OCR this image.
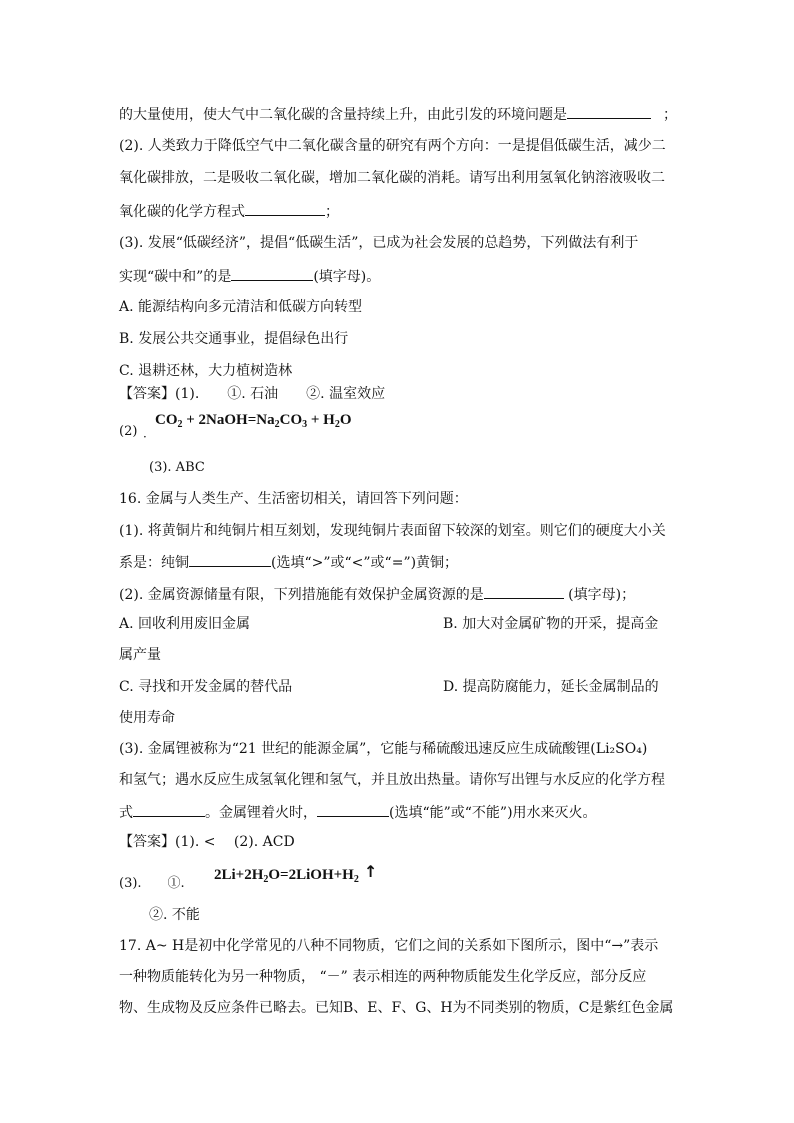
的大量使用，使大气中二氧化碳的含量持续上升，由此引发的环境问题是	；
(2). 人类致力于降低空气中二氧化碳含量的研究有两个方向：一是提倡低碳生活，减少二
氧化碳排放，二是吸收二氧化碳，增加二氧化碳的消耗。请写出利用氢氧化钠溶液吸收二
氧化碳的化学方程式	；
(3). 发展“低碳经济”，提倡“低碳生活”，已成为社会发展的总趋势，下列做法有利于
实现“碳中和”的是	(填字母)。
A. 能源结构向多元清洁和低碳方向转型
B. 发展公共交通事业，提倡绿色出行
C. 退耕还林，大力植树造林
【答案】(1).　　①. 石油　　②. 温室效应
(2) ·
$CO_2$ + $2NaOH=Na_2CO_3 + H_2O$
(3). ABC
16. 金属与人类生产、生活密切相关，请回答下列问题：
(1). 将黄铜片和纯铜片相互刻划，发现纯铜片表面留下较深的划室。则它们的硬度大小关
系是：纯铜	(选填“>”或“<”或“=”)黄铜；
(2). 金属资源储量有限，下列措施能有效保护金属资源的是	(填字母)；
A. 回收利用废旧金属	B. 加大对金属矿物的开采，提高金
属产量
C. 寻找和开发金属的替代品	D. 提高防腐能力，延长金属制品的
使用寿命
(3). 金属锂被称为“21 世纪的能源金属”，它能与稀硫酸迅速反应生成硫酸锂(Li₂SO₄)
和氢气；遇水反应生成氢氧化锂和氢气，并且放出热量。请你写出锂与水反应的化学方程
式	。金属锂着火时，	(选填“能”或“不能”)用水来灭火。
【答案】(1). <　 (2). ACD
(3).　　①.
$2Li+2H_2O=2LiOH+H_2$ ↑
②. 不能
17. A~ H是初中化学常见的八种不同物质，它们之间的关系如下图所示，图中“→”表示
一种物质能转化为另一种物质， “－” 表示相连的两种物质能发生化学反应，部分反应
物、生成物及反应条件已略去。已知B、E、F、G、H为不同类别的物质，C是紫红色金属
